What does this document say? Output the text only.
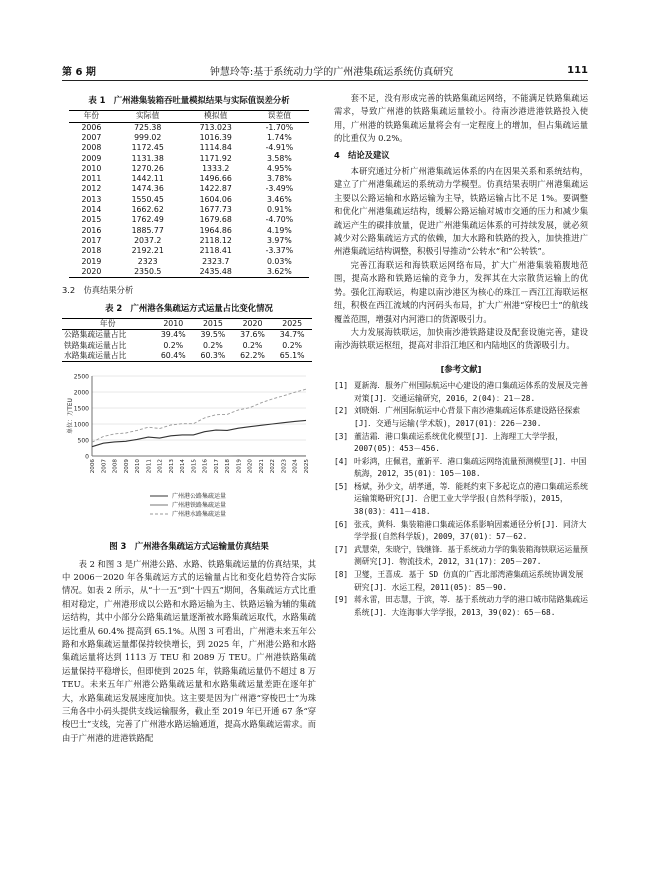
第 6 期	钟慧玲等:基于系统动力学的广州港集疏运系统仿真研究	111
表 1　广州港集装箱吞吐量模拟结果与实际值误差分析
年份	实际值	模拟值	误差值
2006	725.38	713.023	-1.70%
2007	999.02	1016.39	1.74%
2008	1172.45	1114.84	-4.91%
2009	1131.38	1171.92	3.58%
2010	1270.26	1333.2	4.95%
2011	1442.11	1496.66	3.78%
2012	1474.36	1422.87	-3.49%
2013	1550.45	1604.06	3.46%
2014	1662.62	1677.73	0.91%
2015	1762.49	1679.68	-4.70%
2016	1885.77	1964.86	4.19%
2017	2037.2	2118.12	3.97%
2018	2192.21	2118.41	-3.37%
2019	2323	2323.7	0.03%
2020	2350.5	2435.48	3.62%
3.2　仿真结果分析
表 2　广州港各集疏运方式运量占比变化情况
年份	2010	2015	2020	2025
公路集疏运量占比	39.4%	39.5%	37.6%	34.7%
铁路集疏运量占比	0.2%	0.2%	0.2%	0.2%
水路集疏运量占比	60.4%	60.3%	62.2%	65.1%
0
500
1000
1500
2000
2500
单位：万TEU
2006 2007 2008 2009 2010 2011 2012 2013 2014 2015 2016 2017 2018 2019 2020 2021 2022 2023 2024 2025
广州港公路集疏运量
广州港铁路集疏运量
广州港水路集疏运量
图 3　广州港各集疏运方式运输量仿真结果

表 2 和图 3 是广州港公路、水路、铁路集疏运量的仿真结果，其中 2006－2020 年各集疏运方式的运输量占比和变化趋势符合实际情况。如表 2 所示，从“十一五”到“十四五”期间，各集疏运方式比重相对稳定，广州港形成以公路和水路运输为主、铁路运输为辅的集疏运结构，其中小部分公路集疏运量逐渐被水路集疏运取代，水路集疏运比重从 60.4% 提高到 65.1%。从图 3 可看出，广州港未来五年公路和水路集疏运量都保持较快增长，到 2025 年，广州港公路和水路集疏运量将达到 1113 万 TEU 和 2089 万 TEU。广州港铁路集疏运量保持平稳增长，但即使到 2025 年，铁路集疏运量仍不超过 8 万 TEU。未来五年广州港公路集疏运量和水路集疏运量差距在逐年扩大，水路集疏运发展速度加快。这主要是因为广州港“穿梭巴士”为珠三角各中小码头提供支线运输服务，截止至 2019 年已开通 67 条“穿梭巴士”支线，完善了广州港水路运输通道，提高水路集疏运需求。而由于广州港的进港铁路配

套不足，没有形成完善的铁路集疏运网络，不能满足铁路集疏运需求，导致广州港的铁路集疏运量较小。待南沙港进港铁路投入使用，广州港的铁路集疏运量将会有一定程度上的增加，但占集疏运量的比重仅为 0.2%。

4　结论及建议

本研究通过分析广州港集疏运体系的内在因果关系和系统结构，建立了广州港集疏运的系统动力学模型。仿真结果表明广州港集疏运主要以公路运输和水路运输为主导，铁路运输占比不足 1%。要调整和优化广州港集疏运结构，缓解公路运输对城市交通的压力和减少集疏运产生的碳排放量，促进广州港集疏运体系的可持续发展，就必须减少对公路集疏运方式的依赖，加大水路和铁路的投入，加快推进广州港集疏运结构调整，积极引导推动“公转水”和“公转铁”。

完善江海联运和海铁联运网络布局，扩大广州港集装箱腹地范围，提高水路和铁路运输的竞争力，发挥其在大宗散货运输上的优势。强化江海联运，构建以南沙港区为核心的珠江－西江江海联运枢纽，积极在西江流域的内河码头布局，扩大广州港“穿梭巴士”的航线覆盖范围，增强对内河港口的货源吸引力。

大力发展海铁联运，加快南沙港铁路建设及配套设施完善，建设南沙海铁联运枢纽，提高对非沿江地区和内陆地区的货源吸引力。

[参考文献]
[1] 夏新海．服务广州国际航运中心建设的港口集疏运体系的发展及完善对策[J]．交通运输研究，2016，2(04)：21－28.
[2] 刘晓娟．广州国际航运中心背景下南沙港集疏运体系建设路径探索[J]．交通与运输(学术版)，2017(01)：226－230.
[3] 董洁霜．港口集疏运系统优化模型[J]．上海理工大学学报，2007(05)：453－456.
[4] 叶彩鸿，庄佩君，董新平．港口集疏运网络流量预测模型[J]．中国航海，2012，35(01)：105－108.
[5] 杨斌，孙少文，胡孝通，等．能耗约束下多起讫点的港口集疏运系统运输策略研究[J]．合肥工业大学学报(自然科学版)，2015，38(03)：411－418.
[6] 张戎，黄科．集装箱港口集疏运体系影响因素通径分析[J]．同济大学学报(自然科学版)，2009，37(01)：57－62.
[7] 武慧荣，朱晓宁，钱继锋．基于系统动力学的集装箱海铁联运运量预测研究[J]．物流技术，2012，31(17)：205－207.
[8] 卫燮，王喜成．基于 SD 仿真的广西北部湾港集疏运系统协调发展研究[J]．水运工程，2011(05)：85－90.
[9] 蒋永雷，田志慧，于滨，等．基于系统动力学的港口城市陆路集疏运系统[J]．大连海事大学学报，2013，39(02)：65－68.
